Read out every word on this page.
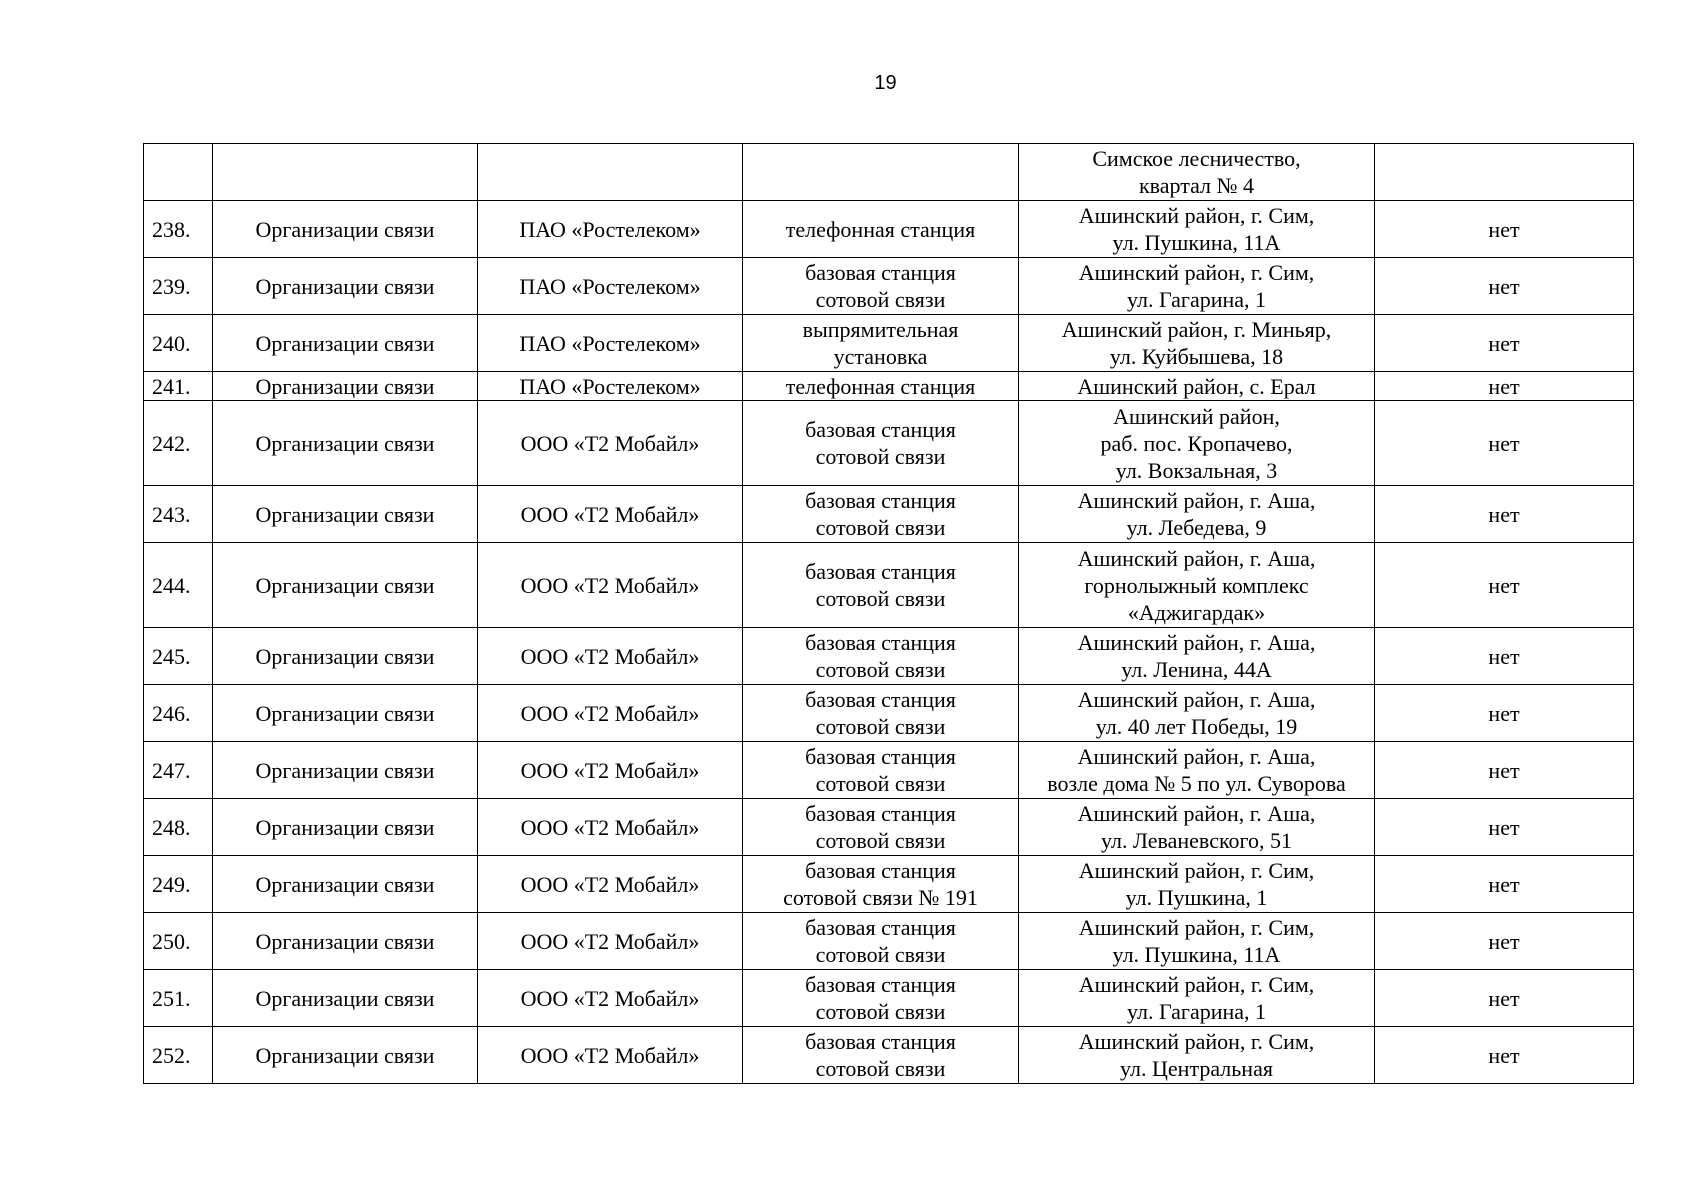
19
				Симское лесничество,
квартал № 4	
238.	Организации связи	ПАО «Ростелеком»	телефонная станция	Ашинский район, г. Сим,
ул. Пушкина, 11А	нет
239.	Организации связи	ПАО «Ростелеком»	базовая станция
сотовой связи	Ашинский район, г. Сим,
ул. Гагарина, 1	нет
240.	Организации связи	ПАО «Ростелеком»	выпрямительная
установка	Ашинский район, г. Миньяр,
ул. Куйбышева, 18	нет
241.	Организации связи	ПАО «Ростелеком»	телефонная станция	Ашинский район, с. Ерал	нет
242.	Организации связи	ООО «Т2 Мобайл»	базовая станция
сотовой связи	Ашинский район,
раб. пос. Кропачево,
ул. Вокзальная, 3	нет
243.	Организации связи	ООО «Т2 Мобайл»	базовая станция
сотовой связи	Ашинский район, г. Аша,
ул. Лебедева, 9	нет
244.	Организации связи	ООО «Т2 Мобайл»	базовая станция
сотовой связи	Ашинский район, г. Аша,
горнолыжный комплекс
«Аджигардак»	нет
245.	Организации связи	ООО «Т2 Мобайл»	базовая станция
сотовой связи	Ашинский район, г. Аша,
ул. Ленина, 44А	нет
246.	Организации связи	ООО «Т2 Мобайл»	базовая станция
сотовой связи	Ашинский район, г. Аша,
ул. 40 лет Победы, 19	нет
247.	Организации связи	ООО «Т2 Мобайл»	базовая станция
сотовой связи	Ашинский район, г. Аша,
возле дома № 5 по ул. Суворова	нет
248.	Организации связи	ООО «Т2 Мобайл»	базовая станция
сотовой связи	Ашинский район, г. Аша,
ул. Леваневского, 51	нет
249.	Организации связи	ООО «Т2 Мобайл»	базовая станция
сотовой связи № 191	Ашинский район, г. Сим,
ул. Пушкина, 1	нет
250.	Организации связи	ООО «Т2 Мобайл»	базовая станция
сотовой связи	Ашинский район, г. Сим,
ул. Пушкина, 11А	нет
251.	Организации связи	ООО «Т2 Мобайл»	базовая станция
сотовой связи	Ашинский район, г. Сим,
ул. Гагарина, 1	нет
252.	Организации связи	ООО «Т2 Мобайл»	базовая станция
сотовой связи	Ашинский район, г. Сим,
ул. Центральная	нет
